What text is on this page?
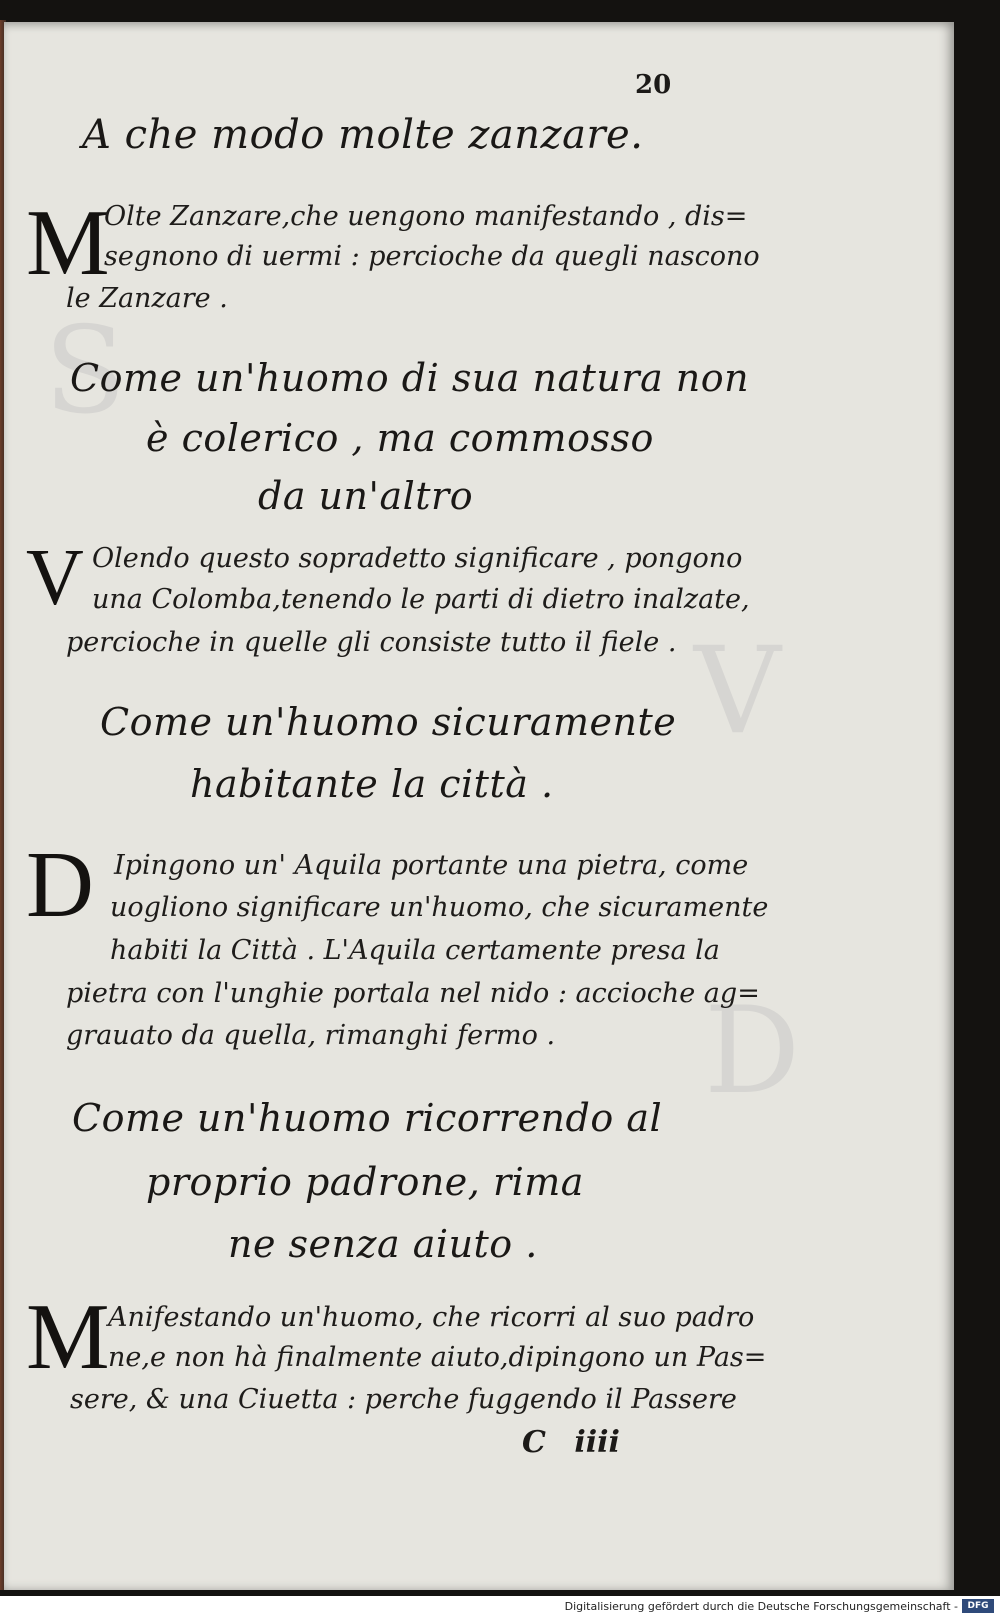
S
V
D
20
A che modo molte zanzare.
M
Olte Zanzare,che uengono manifestando , dis=
segnono di uermi : percioche da quegli nascono
le Zanzare .
Come un'huomo di sua natura non
è colerico , ma commosso
da un'altro
V Olendo questo sopradetto significare , pongono
una Colomba,tenendo le parti di dietro inalzate,
percioche in quelle gli consiste tutto il fiele .
Come un'huomo sicuramente
habitante la città .
D Ipingono un' Aquila portante una pietra, come
uogliono significare un'huomo, che sicuramente
habiti la Città . L'Aquila certamente presa la
pietra con l'unghie portala nel nido : accioche ag=
grauato da quella, rimanghi fermo .
Come un'huomo ricorrendo al
proprio padrone, rima
ne senza aiuto .
M
Anifestando un'huomo, che ricorri al suo padro
ne,e non hà finalmente aiuto,dipingono un Pas=
sere, & una Ciuetta : perche fuggendo il Passere
C iiii
Digitalisierung gefördert durch die Deutsche Forschungsgemeinschaft -	DFG
